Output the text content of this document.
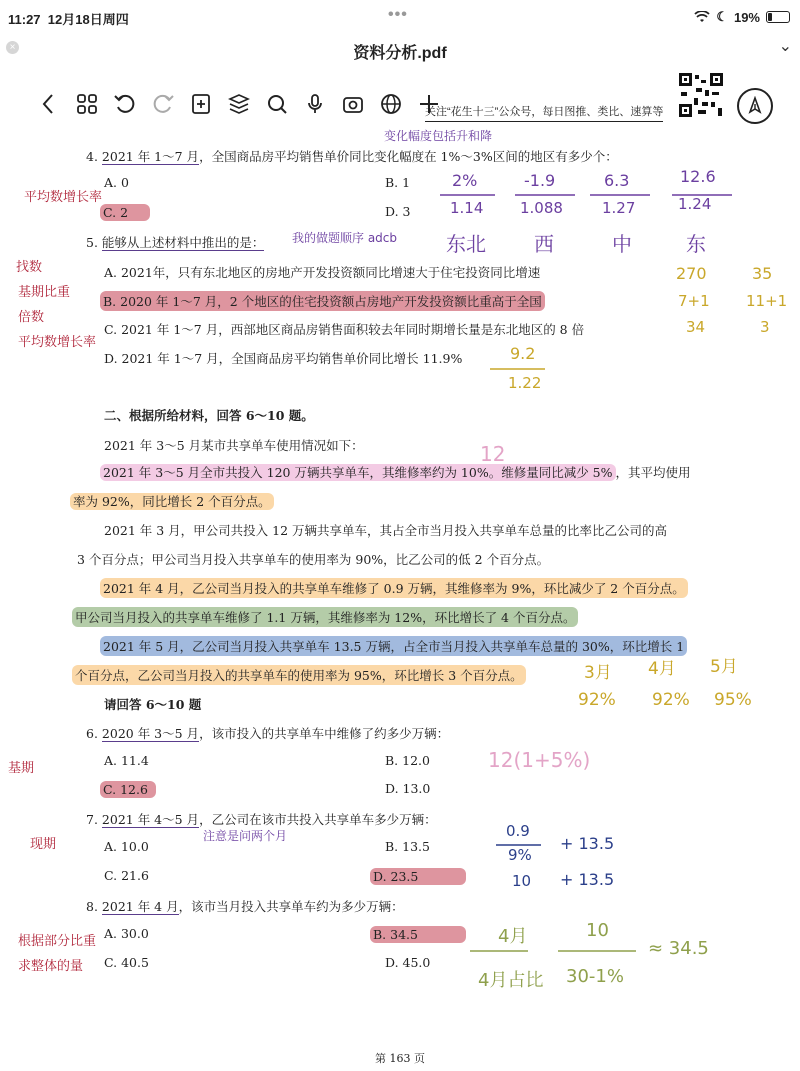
11:27 12月18日周四	•••	☾ 19%
×	资料分析.pdf	⌄
关注“花生十三”公众号，每日图推、类比、速算等
4. 2021 年 1～7 月，全国商品房平均销售单价同比变化幅度在 1%～3%区间的地区有多少个：
A. 0	B. 1
C. 2	D. 3
5. 能够从上述材料中推出的是：
A. 2021年，只有东北地区的房地产开发投资额同比增速大于住宅投资同比增速
B. 2020 年 1～7 月，2 个地区的住宅投资额占房地产开发投资额比重高于全国
C. 2021 年 1～7 月，西部地区商品房销售面积较去年同时期增长量是东北地区的 8 倍
D. 2021 年 1～7 月，全国商品房平均销售单价同比增长 11.9%
二、根据所给材料，回答 6～10 题。
2021 年 3～5 月某市共享单车使用情况如下：
2021 年 3～5 月全市共投入 120 万辆共享单车，其维修率约为 10%。维修量同比减少 5% ，其平均使用
率为 92%，同比增长 2 个百分点。
2021 年 3 月，甲公司共投入 12 万辆共享单车，其占全市当月投入共享单车总量的比率比乙公司的高
3 个百分点；甲公司当月投入共享单车的使用率为 90%，比乙公司的低 2 个百分点。
2021 年 4 月，乙公司当月投入的共享单车维修了 0.9 万辆，其维修率为 9%，环比减少了 2 个百分点。
甲公司当月投入的共享单车维修了 1.1 万辆，其维修率为 12%，环比增长了 4 个百分点。
2021 年 5 月，乙公司当月投入共享单车 13.5 万辆，占全市当月投入共享单车总量的 30%，环比增长 1
个百分点，乙公司当月投入的共享单车的使用率为 95%，环比增长 3 个百分点。
请回答 6～10 题
6. 2020 年 3～5 月，该市投入的共享单车中维修了约多少万辆：
A. 11.4	B. 12.0
C. 12.6	D. 13.0
7. 2021 年 4～5 月，乙公司在该市共投入共享单车多少万辆：
A. 10.0	B. 13.5
C. 21.6	D. 23.5
8. 2021 年 4 月，该市当月投入共享单车约为多少万辆：
A. 30.0	B. 34.5
C. 40.5	D. 45.0
第 163 页
平均数增长率
找数
基期比重
倍数
平均数增长率
基期
现期
根据部分比重
求整体的量
变化幅度包括升和降
我的做题顺序 adcb
注意是问两个月
2%
1.14
-1.9
1.088
6.3
1.27
12.6
1.24
东北 西	中	东
270
7+1
34
35
11+1
3
9.2
1.22
12
3月 4月 5月
92% 92% 95%
12(1+5%)
0.9
9%
10
+ 13.5
+ 13.5
4月
4月占比
10
30-1%
≈ 34.5
